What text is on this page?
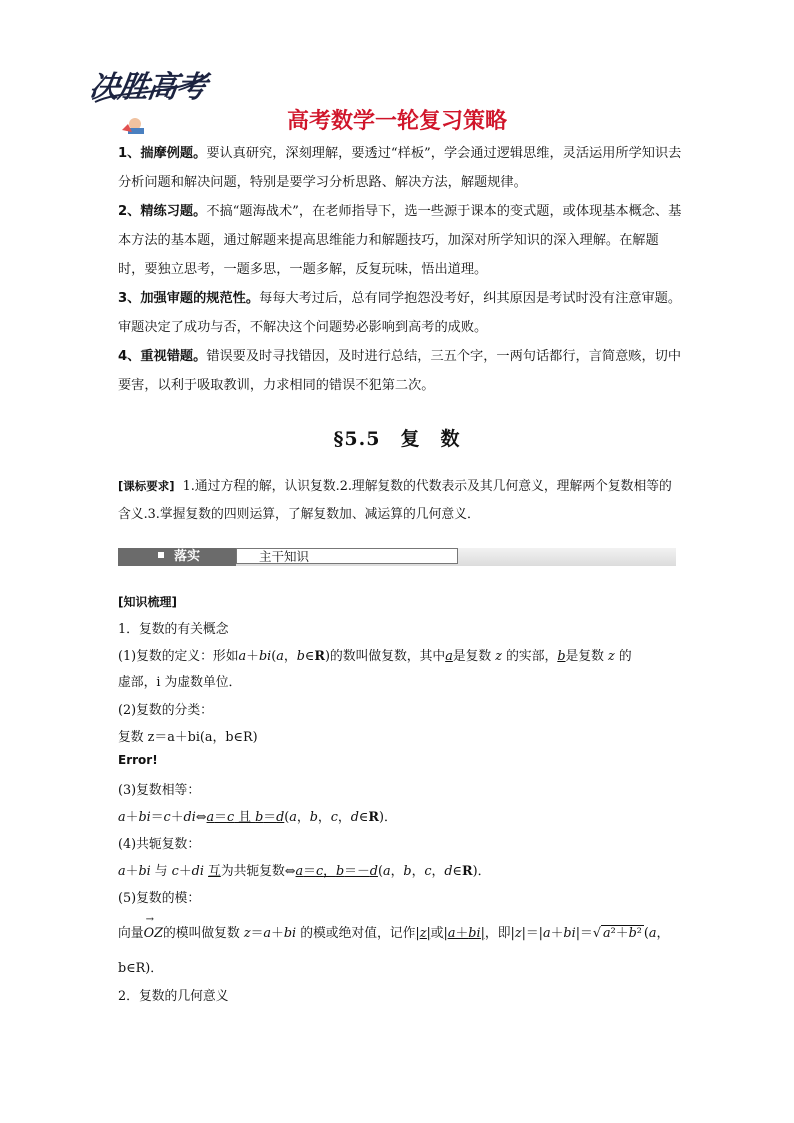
决胜高考
高考数学一轮复习策略
1、揣摩例题。要认真研究，深刻理解，要透过“样板”，学会通过逻辑思维，灵活运用所学知识去分析问题和解决问题，特别是要学习分析思路、解决方法，解题规律。
2、精练习题。不搞“题海战术”，在老师指导下，选一些源于课本的变式题，或体现基本概念、基本方法的基本题，通过解题来提高思维能力和解题技巧，加深对所学知识的深入理解。在解题时，要独立思考，一题多思，一题多解，反复玩味，悟出道理。
3、加强审题的规范性。每每大考过后，总有同学抱怨没考好，纠其原因是考试时没有注意审题。审题决定了成功与否，不解决这个问题势必影响到高考的成败。
4、重视错题。错误要及时寻找错因，及时进行总结，三五个字，一两句话都行，言简意赅，切中要害，以利于吸取教训，力求相同的错误不犯第二次。
§5.5　复　数
[课标要求] 1.通过方程的解，认识复数.2.理解复数的代数表示及其几何意义，理解两个复数相等的含义.3.掌握复数的四则运算，了解复数加、减运算的几何意义．
落实	主干知识
[知识梳理]
1．复数的有关概念
(1)复数的定义：形如a＋bi(a，b∈R)的数叫做复数，其中a是复数 z 的实部，b是复数 z 的
虚部，i 为虚数单位．
(2)复数的分类：
复数 z＝a＋bi(a，b∈R)
Error!
(3)复数相等：
a＋bi＝c＋di⇔a＝c 且 b＝d(a，b，c，d∈R)．
(4)共轭复数：
a＋bi 与 c＋di 互为共轭复数⇔a＝c，b＝－d(a，b，c，d∈R)．
(5)复数的模：
向量→ OZ的模叫做复数 z＝a＋bi 的模或绝对值，记作|z|或|a＋bi|，即|z|＝|a＋bi|＝√ a²＋b² (a，
b∈R)．
2．复数的几何意义
